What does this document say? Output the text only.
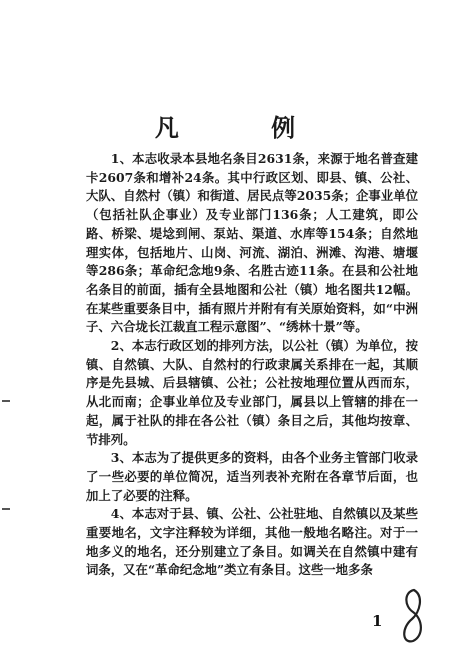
凡 例

1、本志收录本县地名条目2631条，来源于地名普查建卡2607条和增补24条。其中行政区划、即县、镇、公社、大队、自然村（镇）和街道、居民点等2035条；企事业单位（包括社队企事业）及专业部门136条；人工建筑，即公路、桥梁、堤埝到闸、泵站、渠道、水库等154条；自然地理实体，包括地片、山岗、河流、湖泊、洲滩、沟港、塘堰等286条；革命纪念地9条、名胜古迹11条。在县和公社地名条目的前面，插有全县地图和公社（镇）地名图共12幅。在某些重要条目中，插有照片并附有有关原始资料，如“中洲子、六合垅长江裁直工程示意图”、“绣林十景”等。

2、本志行政区划的排列方法，以公社（镇）为单位，按镇、自然镇、大队、自然村的行政隶属关系排在一起，其顺序是先县城、后县辖镇、公社；公社按地理位置从西而东，从北而南；企事业单位及专业部门，属县以上管辖的排在一起，属于社队的排在各公社（镇）条目之后，其他均按章、节排列。

3、本志为了提供更多的资料，由各个业务主管部门收录了一些必要的单位简况，适当列表补充附在各章节后面，也加上了必要的注释。

4、本志对于县、镇、公社、公社驻地、自然镇以及某些重要地名，文字注释较为详细，其他一般地名略注。对于一地多义的地名，还分别建立了条目。如调关在自然镇中建有词条，又在“革命纪念地”类立有条目。这些一地多条

1
